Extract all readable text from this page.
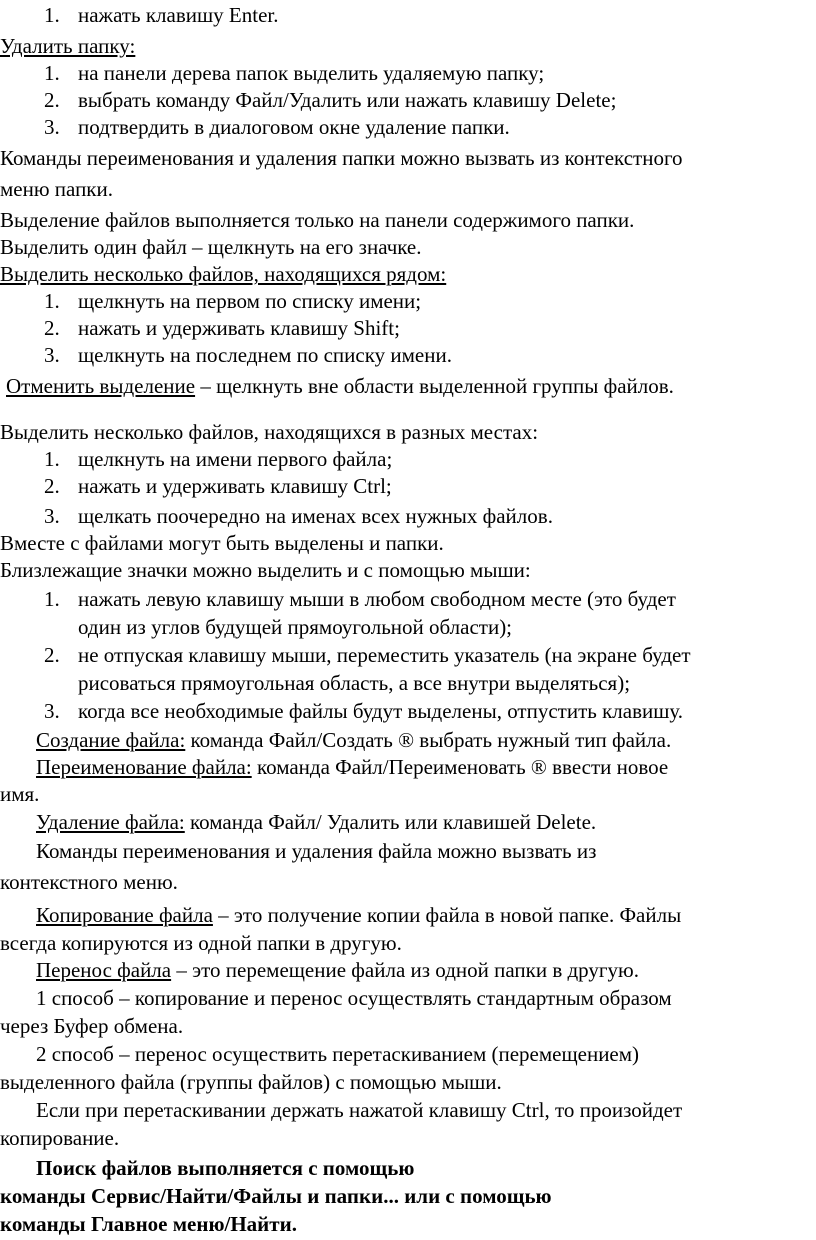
1. нажать клавишу Enter.
Удалить папку:
1. на панели дерева папок выделить удаляемую папку;
2. выбрать команду Файл/Удалить или нажать клавишу Delete;
3. подтвердить в диалоговом окне удаление папки.
Команды переименования и удаления папки можно вызвать из контекстного
меню папки.
Выделение файлов выполняется только на панели содержимого папки.
Выделить один файл – щелкнуть на его значке.
Выделить несколько файлов, находящихся рядом:
1. щелкнуть на первом по списку имени;
2. нажать и удерживать клавишу Shift;
3. щелкнуть на последнем по списку имени.
Отменить выделение – щелкнуть вне области выделенной группы файлов.
Выделить несколько файлов, находящихся в разных местах:
1. щелкнуть на имени первого файла;
2. нажать и удерживать клавишу Ctrl;
3. щелкать поочередно на именах всех нужных файлов.
Вместе с файлами могут быть выделены и папки.
Близлежащие значки можно выделить и с помощью мыши:
1. нажать левую клавишу мыши в любом свободном месте (это будет
один из углов будущей прямоугольной области);
2. не отпуская клавишу мыши, переместить указатель (на экране будет
рисоваться прямоугольная область, а все внутри выделяться);
3. когда все необходимые файлы будут выделены, отпустить клавишу.
Создание файла: команда Файл/Создать ® выбрать нужный тип файла.
Переименование файла: команда Файл/Переименовать ® ввести новое
имя.
Удаление файла: команда Файл/ Удалить или клавишей Delete.
Команды переименования и удаления файла можно вызвать из
контекстного меню.
Копирование файла – это получение копии файла в новой папке. Файлы
всегда копируются из одной папки в другую.
Перенос файла – это перемещение файла из одной папки в другую.
1 способ – копирование и перенос осуществлять стандартным образом
через Буфер обмена.
2 способ – перенос осуществить перетаскиванием (перемещением)
выделенного файла (группы файлов) с помощью мыши.
Если при перетаскивании держать нажатой клавишу Ctrl, то произойдет
копирование.
Поиск файлов выполняется с помощью
команды Сервис/Найти/Файлы и папки... или с помощью
команды Главное меню/Найти.
